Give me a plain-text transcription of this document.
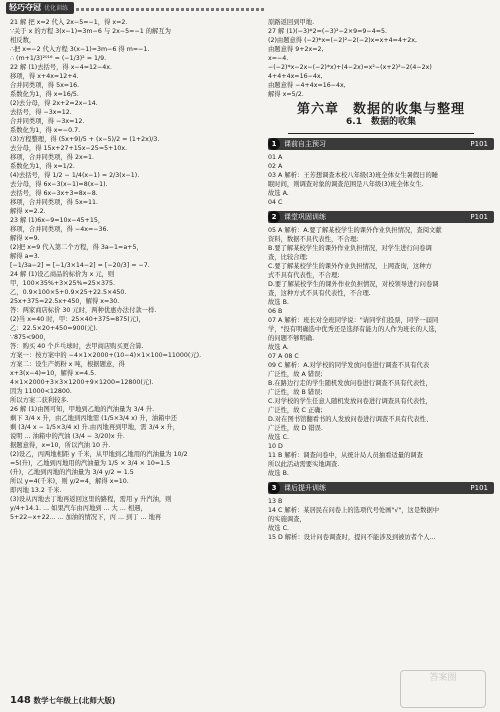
轻巧夺冠 优化训练
21 解 把 x=2 代入 2x−5=−1，得 x=2.
∵关于 x 的方程 3(x−1)=3m−6 与 2x−5=−1 的解互为
相反数，
∴把 x=−2 代入方程 3(x−1)=3m−6 得 m=−1.
∴ (m+1/3)²⁰¹⁶ = (−1/3)² = 1/9.
22 解 (1)去括号，得 x−4=12−4x.
移项，得 x+4x=12+4.
合并同类项，得 5x=16.
系数化为1，得 x=16/5.
(2)去分母，得 2x+2=2x−14.
去括号，得 −3x=12.
合并同类项，得 −3x=12.
系数化为1，得 x=−0.7.
(3)方程整理，得 (5x+9)/5 + (x−5)/2 = (1+2x)/3.
去分母，得 15x+27+15x−25=5+10x.
移项，合并同类项，得 2x=1.
系数化为1，得 x=1/2.
(4)去括号，得 1/2 − 1/4(x−1) = 2/3(x−1).
去分母，得 6x−3(x−1)=8(x−1).
去括号，得 6x−3x+3=8x−8.
移项，合并同类项，得 5x=11.
解得 x=2.2.
23 解 (1)6x−9=10x−45+15，
移项，合并同类项，得 −4x=−36.
解得 x=9.
(2)把 x=9 代入第二个方程，得 3a−1=a+5，
解得 a=3.
[−1/3a−2] = [−1/3×14−2] = [−20/3] = −7.
24 解 (1)设乙商品的标价为 x 元，则
甲，100×35%+3×25%=25×375.
乙，0.9×100×5+0.9×25+22.5×450.
25x+375=22.5x+450，解得 x=30.
答：两家商店标价 30 元时，两种优惠办法付款一样.
(2)当 x=40 时，甲：25×40+375=875(元)，
乙：22.5×20+450=900(元).
∵875<900，
答：购买 40 个乒乓球时，去甲商店购买更合算.
方案一：按方案中的 −4×1×2000+(10−4)×1×100=11000(元).
方案二：设生产奶粉 x 吨，根据题意，得
x+3(x−4)=10，解得 x=4.5.
4×1×2000+3×3×1200+9×1200=12800(元).
因为 11000<12800.
所以方案二获利较多.
26 解 (1)由图可知，甲地到乙地的汽油量为 3/4 升.
剩下 3/4 x 升，由乙地到丙地需 (1/5×3/4 x) 升，油箱中还
剩 (3/4 x − 1/5×3/4 x) 升.由丙地再到甲地，需 3/4 x 升，
说明 ... 油箱中的汽油 (3/4 − 3/20)x 升.
据题意得，x=10，所以汽油 10 升.
(2)设乙，丙两地相距 y 千米，从甲地到乙地用的汽油量为 10/2
=5(升)，乙地到丙地用的汽油量为 1/5 × 3/4 × 10=1.5
(升)，乙地到丙地的汽油量为 3/4 y/2 = 1.5
所以 y=4(千米)，则 y/2=4，解得 x=10.
即丙地 13.2 千米.
(3)设从丙地去丁地再返回这里的路程，需用 y 升汽油，则
y/4+14.1. ... 如果汽车由丙地到 ... 大 ... 相遇，
5+22−x+22... ... 加油的情况下，丙 ... 到丁 ... 地再
原路返回到甲地.
27 解 (1)(−3)*2=(−3)²−2×9=9−4=5.
(2)由题意得 (−2)*x=(−2)²−2(−2)x=x+4=4+2x,
由题意得 9+2x=2,
x=−4.
−(−2)*x−2x−(−2)*x)+(4−2x)=x²−(x+2)²−2(4−2x)
4+4+4x=16−4x,
由题意得 −4+4x=16−4x,
解得 x=5/2.
第六章　数据的收集与整理
6.1　数据的收集
1 课前自主预习	P101
01 A
02 A
03 A 解析：王芳想调查本校八年级(3)班全体女生暑假日的睡
眠时间，则调查对象的调查范围是八年级(3)班全体女生.
故选 A.
04 C
2 课堂巩固训练	P101
05 A 解析：A.要了解某校学生的课外作业负担情况，查阅文献
资料，数据不具代表性，不合理;
B.要了解某校学生的课外作业负担情况，对学生进行问卷调
查，比较合理;
C.要了解某校学生的课外作业负担情况，上网查询，这种方
式不具有代表性，不合理;
D.要了解某校学生的课外作业负担情况，对校领导进行问卷调
查，这种方式不具有代表性，不合理.
故选 B.
06 B
07 A 解析：班长对全班同学说："请同学们投票，同学一届同
学，"投有明确选中优秀还是选择有能力的人作为班长的人选，
的问题不够明确.
故选 A.
07 A 08 C
09 C 解析：A.对学校的同学发放问卷进行调查不具有代表
广泛性，故 A 错误;
B.在路边行走的学生随机发放问卷进行调查不具有代表性，
广泛性，故 B 错误;
C.对学校的学生任意人随机发放问卷进行调查具有代表性，
广泛性，故 C 正确;
D.对在图书馆翻看书的人发放问卷进行调查不具有代表性、
广泛性，故 D 错误.
故选 C.
10 D
11 B 解析：调查问卷中，从统计局人员抽看适量的调查
所以此活动需要实地调查.
故选 B.
3 课后提升训练	P101
13 B
14 C 解析：某居民在问卷上的选项代号处画"√"，这是数据中
的实施调查，
故选 C.
15 D 解析：设计问卷调查时，提问不能涉及到被访者个人...
148 数学七年级上(北师大版)
答案圈
